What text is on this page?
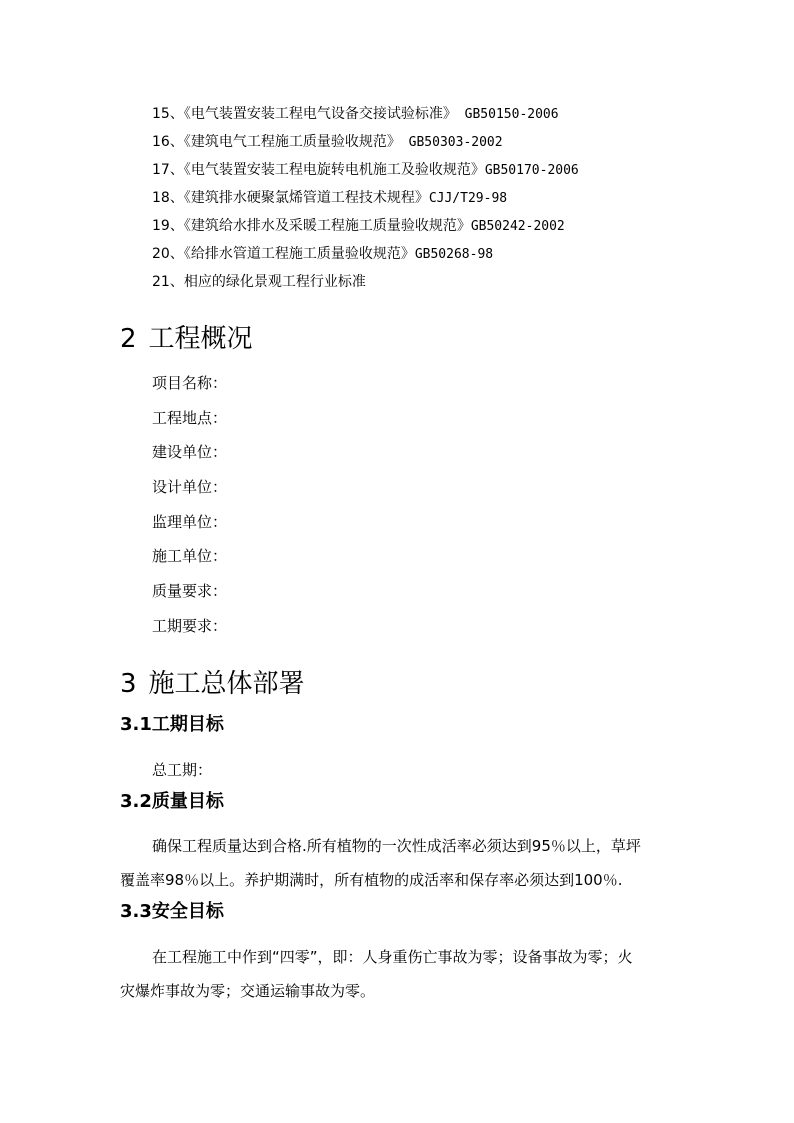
15、《电气装置安装工程电气设备交接试验标准》 GB50150-2006
16、《建筑电气工程施工质量验收规范》 GB50303-2002
17、《电气装置安装工程电旋转电机施工及验收规范》GB50170-2006
18、《建筑排水硬聚氯烯管道工程技术规程》CJJ/T29-98
19、《建筑给水排水及采暖工程施工质量验收规范》GB50242-2002
20、《给排水管道工程施工质量验收规范》GB50268-98
21、相应的绿化景观工程行业标准
2 工程概况
项目名称：
工程地点：
建设单位：
设计单位：
监理单位：
施工单位：
质量要求：
工期要求：
3 施工总体部署
3.1工期目标
总工期：
3.2质量目标
确保工程质量达到合格.所有植物的一次性成活率必须达到95％以上，草坪
覆盖率98％以上。养护期满时，所有植物的成活率和保存率必须达到100％.
3.3安全目标
在工程施工中作到“四零”，即：人身重伤亡事故为零；设备事故为零；火
灾爆炸事故为零；交通运输事故为零。
